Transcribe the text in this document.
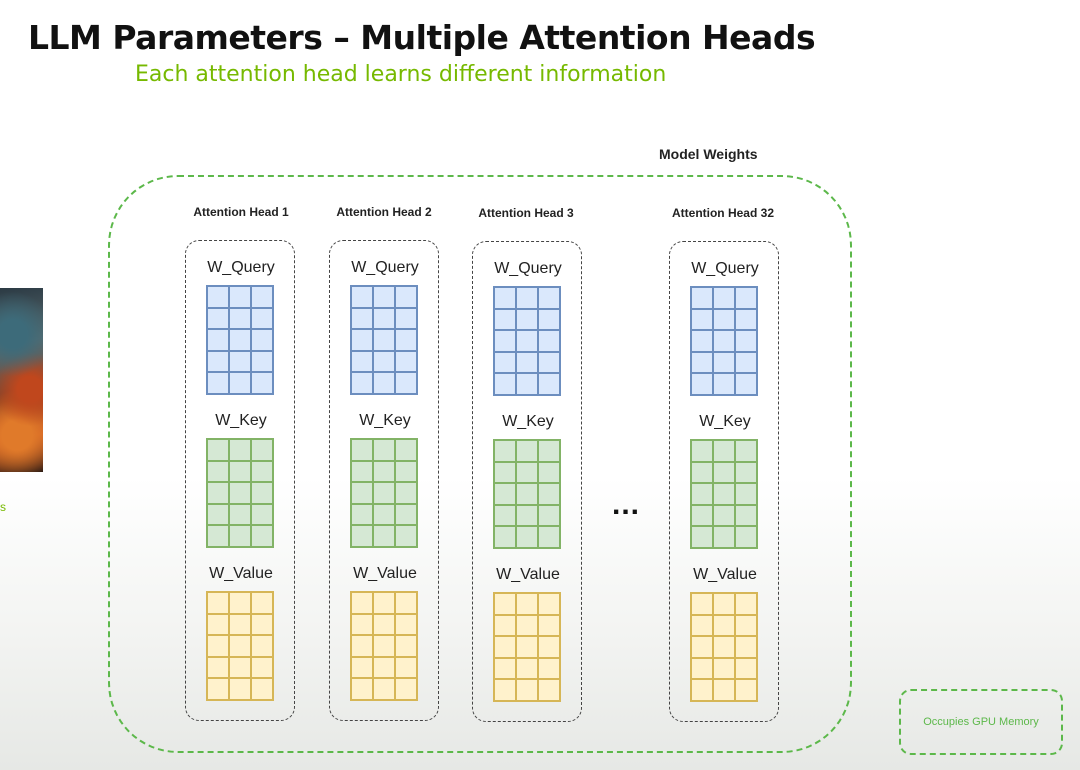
LLM Parameters – Multiple Attention Heads
Each attention head learns different information
s
Model Weights
Attention Head 1
W_Query
W_Key
W_Value
Attention Head 2
W_Query
W_Key
W_Value
Attention Head 3
W_Query
W_Key
W_Value
...
Attention Head 32
W_Query
W_Key
W_Value
Occupies GPU Memory
